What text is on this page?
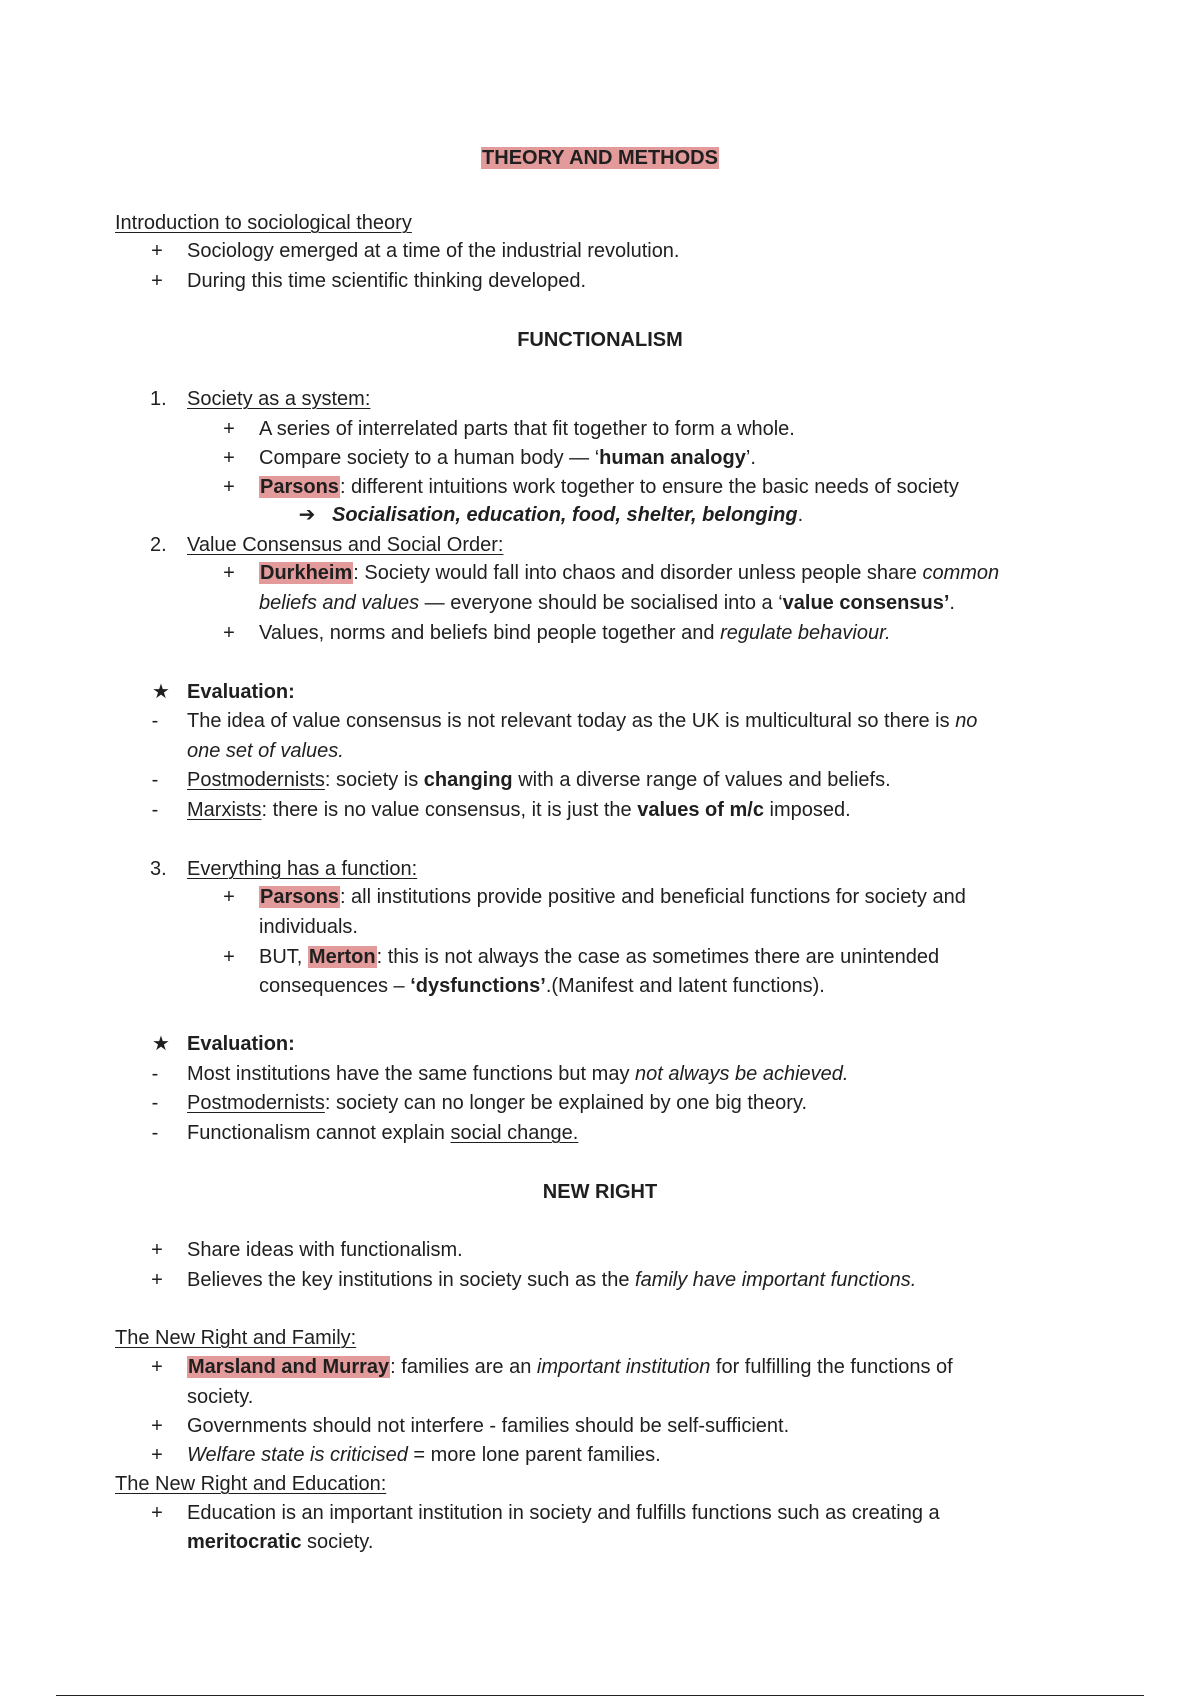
THEORY AND METHODS
Introduction to sociological theory
+ Sociology emerged at a time of the industrial revolution.
+ During this time scientific thinking developed.
FUNCTIONALISM
1. Society as a system:
+ A series of interrelated parts that fit together to form a whole.
+ Compare society to a human body — ‘human analogy’.
+ Parsons: different intuitions work together to ensure the basic needs of society
➔ Socialisation, education, food, shelter, belonging.
2. Value Consensus and Social Order:
+ Durkheim: Society would fall into chaos and disorder unless people share common
beliefs and values — everyone should be socialised into a ‘value consensus’.
+ Values, norms and beliefs bind people together and regulate behaviour.
★ Evaluation:
-	The idea of value consensus is not relevant today as the UK is multicultural so there is no
one set of values.
-	Postmodernists: society is changing with a diverse range of values and beliefs.
-	Marxists: there is no value consensus, it is just the values of m/c imposed.
3. Everything has a function:
+ Parsons: all institutions provide positive and beneficial functions for society and
individuals.
+ BUT, Merton: this is not always the case as sometimes there are unintended
consequences – ‘dysfunctions’.(Manifest and latent functions).
★ Evaluation:
-	Most institutions have the same functions but may not always be achieved.
-	Postmodernists: society can no longer be explained by one big theory.
-	Functionalism cannot explain social change.
NEW RIGHT
+ Share ideas with functionalism.
+ Believes the key institutions in society such as the family have important functions.
The New Right and Family:
+ Marsland and Murray: families are an important institution for fulfilling the functions of
society.
+ Governments should not interfere - families should be self-sufficient.
+ Welfare state is criticised = more lone parent families.
The New Right and Education:
+ Education is an important institution in society and fulfills functions such as creating a
meritocratic society.
